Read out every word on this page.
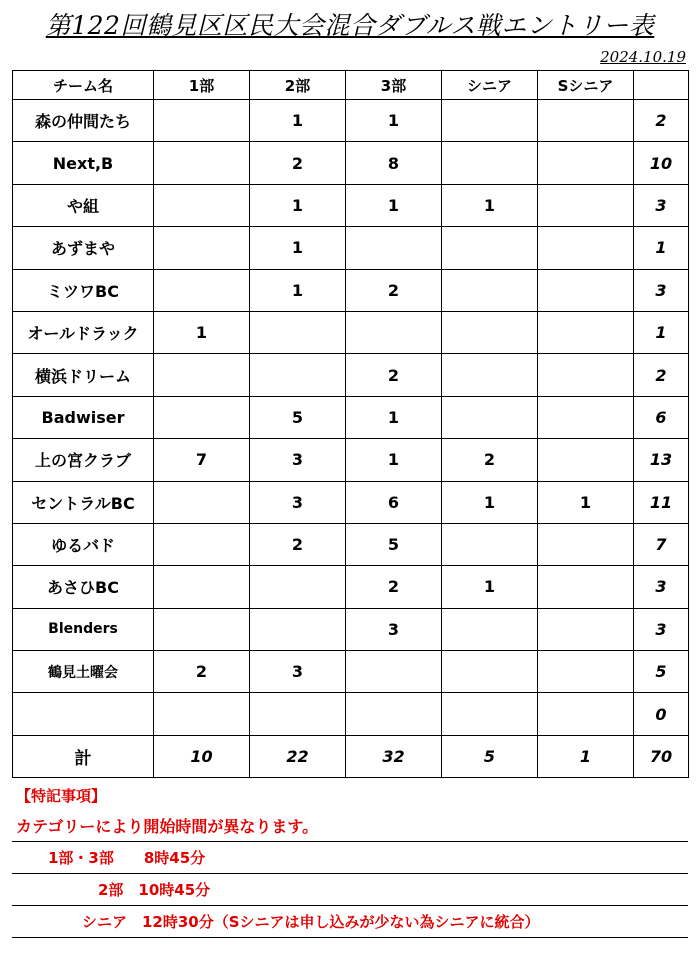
第122回鶴見区区民大会混合ダブルス戦エントリー表
2024.10.19
チーム名	1部	2部	3部	シニア	Sシニア	
森の仲間たち		1	1			2
Next,B		2	8			10
や組		1	1	1		3
あずまや		1				1
ミツワBC		1	2			3
オールドラック	1					1
横浜ドリーム			2			2
Badwiser		5	1			6
上の宮クラブ	7	3	1	2		13
セントラルBC		3	6	1	1	11
ゆるバド		2	5			7
あさひBC			2	1		3
Blenders			3			3
鶴見土曜会	2	3				5
						0
計	10	22	32	5	1	70
【特記事項】
カテゴリーにより開始時間が異なります。
1部・3部　　8時45分
2部　10時45分
シニア　12時30分（Sシニアは申し込みが少ない為シニアに統合）
